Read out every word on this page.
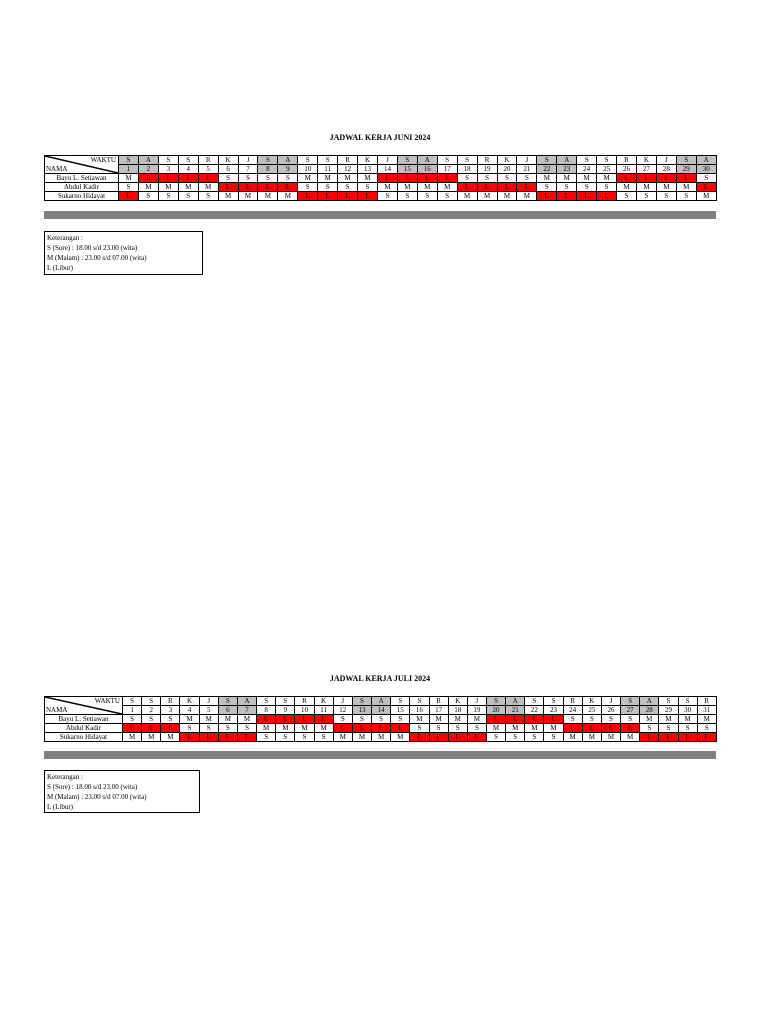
JADWAL KERJA JUNI 2024
WAKTU
NAMA	S	A	S	S	R	K	J	S	A	S	S	R	K	J	S	A	S	S	R	K	J	S	A	S	S	R	K	J	S	A
	1	2	3	4	5	6	7	8	9	10	11	12	13	14	15	16	17	18	19	20	21	22	23	24	25	26	27	28	29	30
Bayu L. Setiawan	M	L	L	L	L	S	S	S	S	M	M	M	M	L	L	L	L	S	S	S	S	M	M	M	M	L	L	L	L	S
Abdul Kadir	S	M	M	M	M	L	L	L	L	S	S	S	S	M	M	M	M	L	L	L	L	S	S	S	S	M	M	M	M	L
Sukarno Hidayat	L	S	S	S	S	M	M	M	M	L	L	L	L	S	S	S	S	M	M	M	M	L	L	L	L	S	S	S	S	M
Keterangan :
S (Sore) : 18.00 s/d 23.00 (wita)
M (Malam) : 23.00 s/d 07.00 (wita)
L (Libur)
JADWAL KERJA JULI 2024
WAKTU
NAMA	S	S	R	K	J	S	A	S	S	R	K	J	S	A	S	S	R	K	J	S	A	S	S	R	K	J	S	A	S	S	R
	1	2	3	4	5	6	7	8	9	10	11	12	13	14	15	16	17	18	19	20	21	22	23	24	25	26	27	28	29	30	31
Bayu L. Setiawan	S	S	S	M	M	M	M	L	L	L	L	S	S	S	S	M	M	M	M	L	L	L	L	S	S	S	S	M	M	M	M
Abdul Kadir	L	L	L	S	S	S	S	M	M	M	M	L	L	L	L	S	S	S	S	M	M	M	M	L	L	L	L	S	S	S	S
Sukarno Hidayat	M	M	M	L	L	L	L	S	S	S	S	M	M	M	M	L	L	L	L	S	S	S	S	M	M	M	M	L	L	L	L
Keterangan :
S (Sore) : 18.00 s/d 23.00 (wita)
M (Malam) : 23.00 s/d 07.00 (wita)
L (Libur)
